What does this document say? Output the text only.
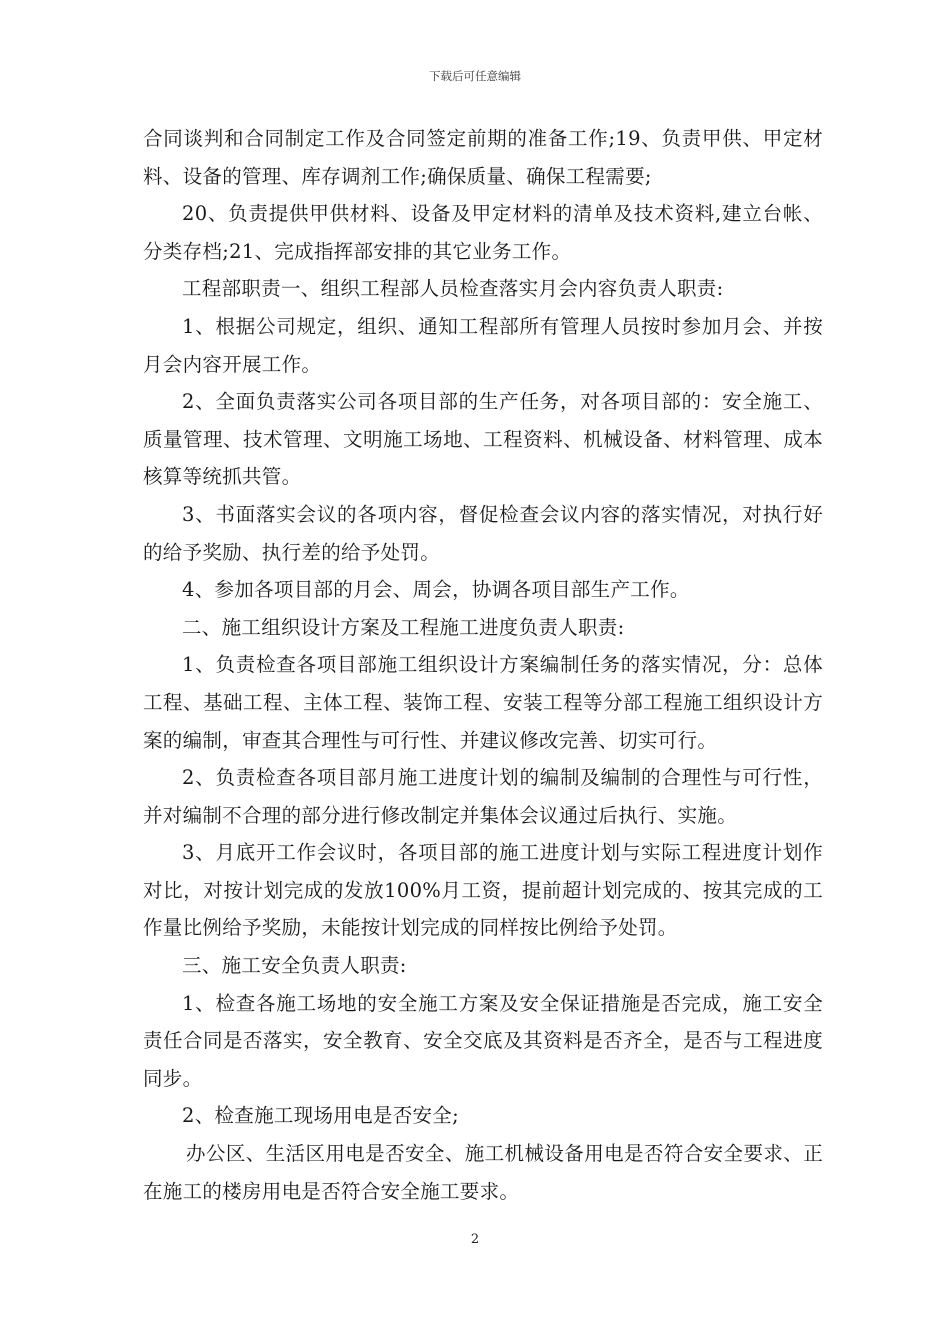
下载后可任意编辑

合同谈判和合同制定工作及合同签定前期的准备工作;19、负责甲供、甲定材料、设备的管理、库存调剂工作;确保质量、确保工程需要;

20、负责提供甲供材料、设备及甲定材料的清单及技术资料,建立台帐、分类存档;21、完成指挥部安排的其它业务工作。

工程部职责一、组织工程部人员检查落实月会内容负责人职责:

1、根据公司规定，组织、通知工程部所有管理人员按时参加月会、并按月会内容开展工作。

2、全面负责落实公司各项目部的生产任务，对各项目部的：安全施工、质量管理、技术管理、文明施工场地、工程资料、机械设备、材料管理、成本核算等统抓共管。

3、书面落实会议的各项内容，督促检查会议内容的落实情况，对执行好的给予奖励、执行差的给予处罚。

4、参加各项目部的月会、周会，协调各项目部生产工作。

二、施工组织设计方案及工程施工进度负责人职责:

1、负责检查各项目部施工组织设计方案编制任务的落实情况，分：总体工程、基础工程、主体工程、装饰工程、安装工程等分部工程施工组织设计方案的编制，审查其合理性与可行性、并建议修改完善、切实可行。

2、负责检查各项目部月施工进度计划的编制及编制的合理性与可行性，并对编制不合理的部分进行修改制定并集体会议通过后执行、实施。

3、月底开工作会议时，各项目部的施工进度计划与实际工程进度计划作对比，对按计划完成的发放100%月工资，提前超计划完成的、按其完成的工作量比例给予奖励，未能按计划完成的同样按比例给予处罚。

三、施工安全负责人职责:

1、检查各施工场地的安全施工方案及安全保证措施是否完成，施工安全责任合同是否落实，安全教育、安全交底及其资料是否齐全，是否与工程进度同步。

2、检查施工现场用电是否安全;

办公区、生活区用电是否安全、施工机械设备用电是否符合安全要求、正在施工的楼房用电是否符合安全施工要求。

2
